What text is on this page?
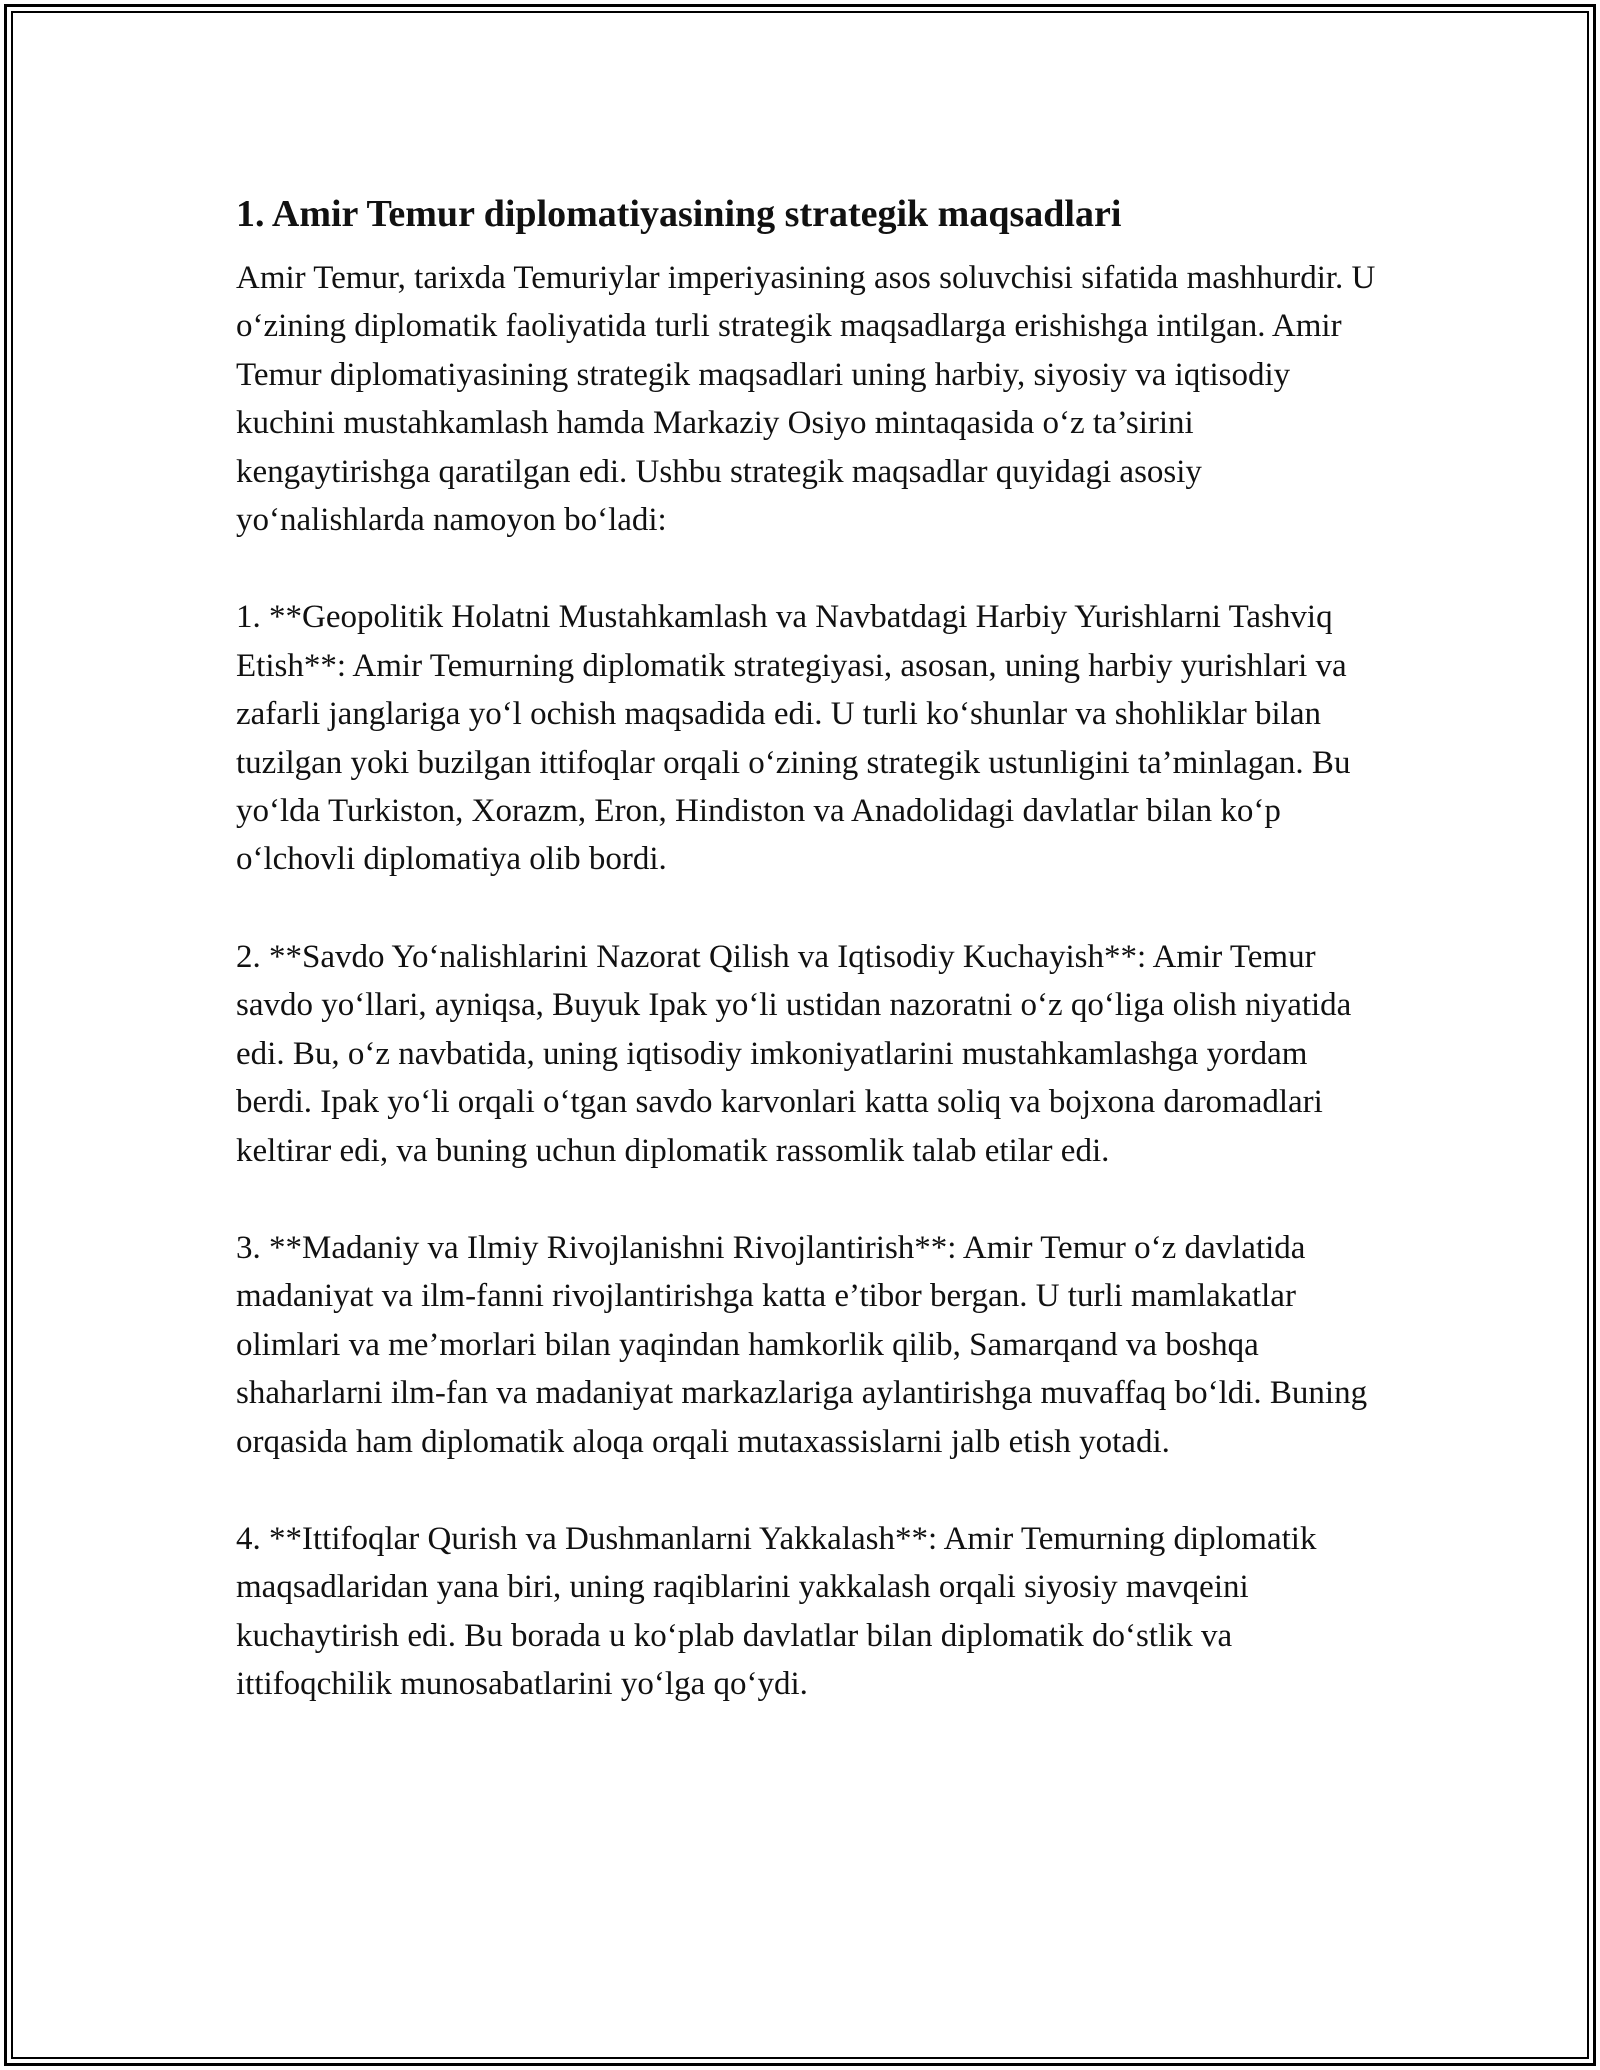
1. Amir Temur diplomatiyasining strategik maqsadlari

Amir Temur, tarixda Temuriylar imperiyasining asos soluvchisi sifatida mashhurdir. U o‘zining diplomatik faoliyatida turli strategik maqsadlarga erishishga intilgan. Amir Temur diplomatiyasining strategik maqsadlari uning harbiy, siyosiy va iqtisodiy kuchini mustahkamlash hamda Markaziy Osiyo mintaqasida o‘z ta’sirini kengaytirishga qaratilgan edi. Ushbu strategik maqsadlar quyidagi asosiy yo‘nalishlarda namoyon bo‘ladi:

1. **Geopolitik Holatni Mustahkamlash va Navbatdagi Harbiy Yurishlarni Tashviq Etish**: Amir Temurning diplomatik strategiyasi, asosan, uning harbiy yurishlari va zafarli janglariga yo‘l ochish maqsadida edi. U turli ko‘shunlar va shohliklar bilan tuzilgan yoki buzilgan ittifoqlar orqali o‘zining strategik ustunligini ta’minlagan. Bu yo‘lda Turkiston, Xorazm, Eron, Hindiston va Anadolidagi davlatlar bilan ko‘p o‘lchovli diplomatiya olib bordi.

2. **Savdo Yo‘nalishlarini Nazorat Qilish va Iqtisodiy Kuchayish**: Amir Temur savdo yo‘llari, ayniqsa, Buyuk Ipak yo‘li ustidan nazoratni o‘z qo‘liga olish niyatida edi. Bu, o‘z navbatida, uning iqtisodiy imkoniyatlarini mustahkamlashga yordam berdi. Ipak yo‘li orqali o‘tgan savdo karvonlari katta soliq va bojxona daromadlari keltirar edi, va buning uchun diplomatik rassomlik talab etilar edi.

3. **Madaniy va Ilmiy Rivojlanishni Rivojlantirish**: Amir Temur o‘z davlatida madaniyat va ilm-fanni rivojlantirishga katta e’tibor bergan. U turli mamlakatlar olimlari va me’morlari bilan yaqindan hamkorlik qilib, Samarqand va boshqa shaharlarni ilm-fan va madaniyat markazlariga aylantirishga muvaffaq bo‘ldi. Buning orqasida ham diplomatik aloqa orqali mutaxassislarni jalb etish yotadi.

4. **Ittifoqlar Qurish va Dushmanlarni Yakkalash**: Amir Temurning diplomatik maqsadlaridan yana biri, uning raqiblarini yakkalash orqali siyosiy mavqeini kuchaytirish edi. Bu borada u ko‘plab davlatlar bilan diplomatik do‘stlik va ittifoqchilik munosabatlarini yo‘lga qo‘ydi.
